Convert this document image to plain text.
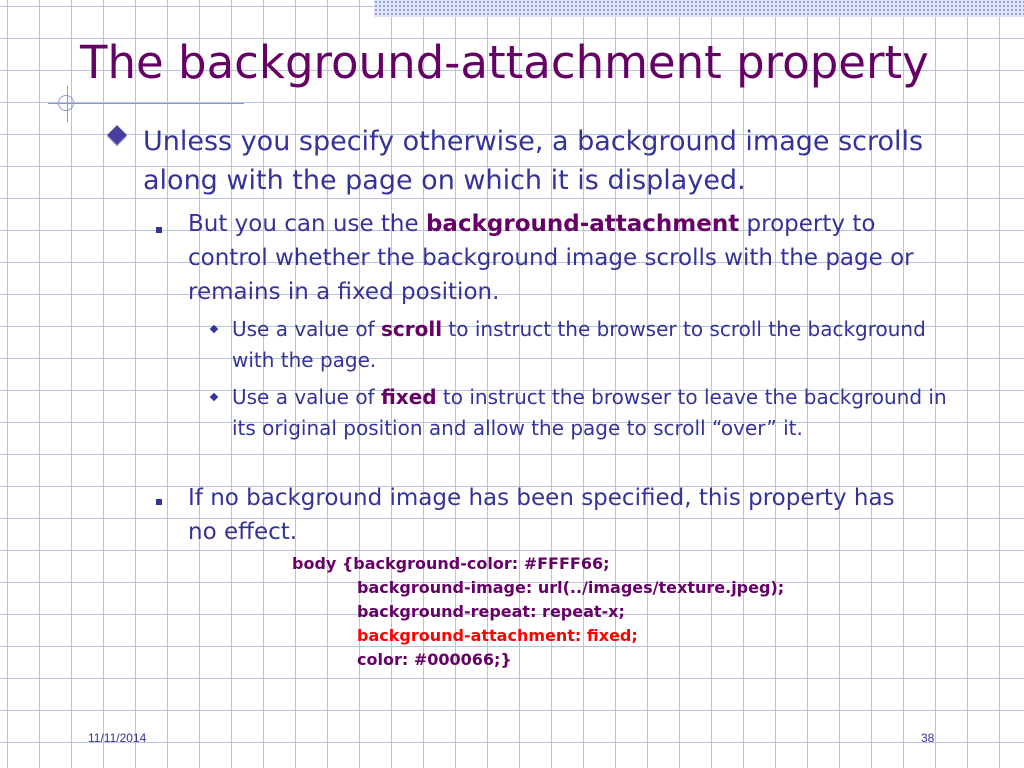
The background-attachment property
Unless you specify otherwise, a background image scrolls along with the page on which it is displayed.
But you can use the background-attachment property to control whether the background image scrolls with the page or remains in a fixed position.
Use a value of scroll to instruct the browser to scroll the background with the page.
Use a value of fixed to instruct the browser to leave the background in its original position and allow the page to scroll “over” it.
If no background image has been specified, this property has no effect.
body {background-color: #FFFF66;
background-image: url(../images/texture.jpeg);
background-repeat: repeat-x;
background-attachment: fixed;
color: #000066;}
11/11/2014	38
